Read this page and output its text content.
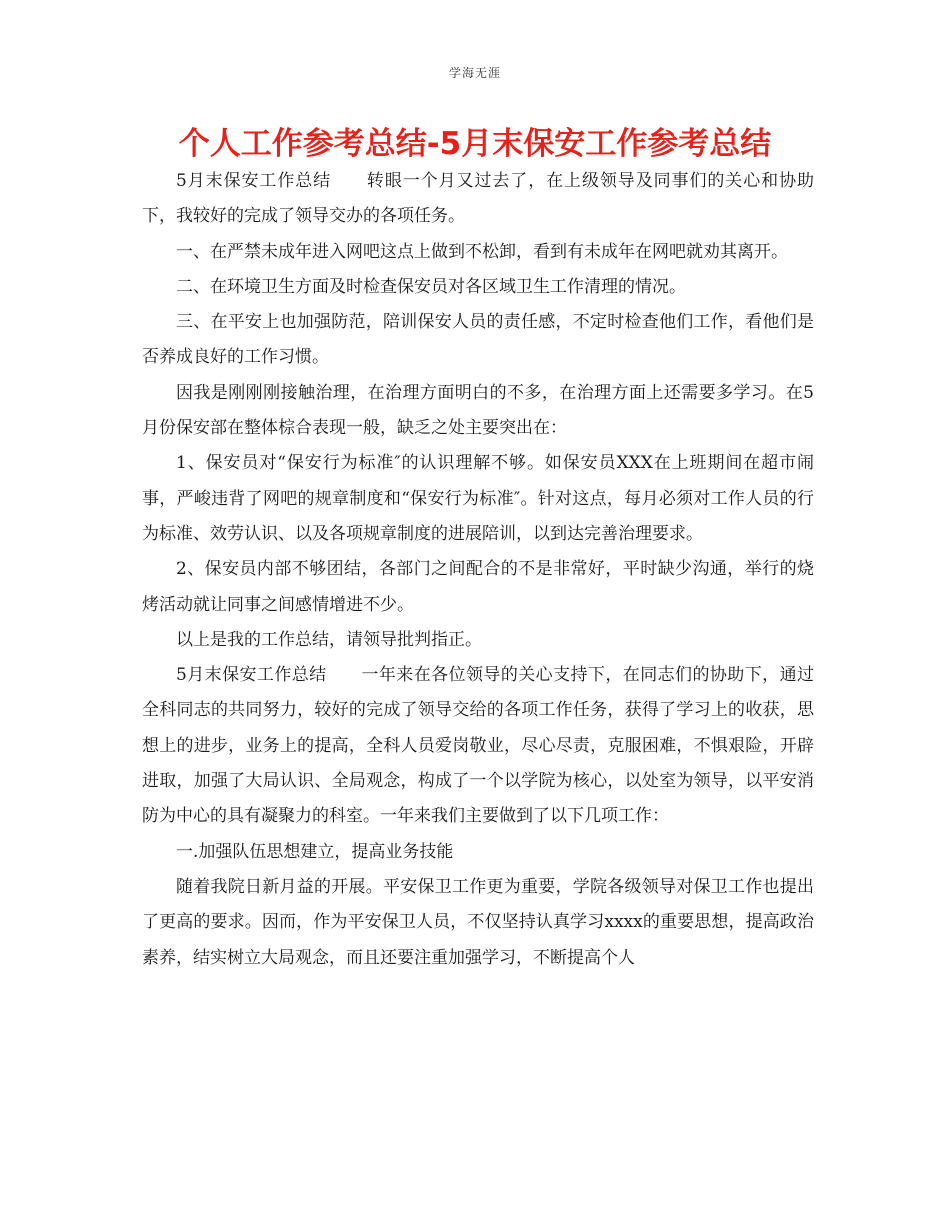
学海无涯
个人工作参考总结-5月末保安工作参考总结

5月末保安工作总结　　转眼一个月又过去了，在上级领导及同事们的关心和协助下，我较好的完成了领导交办的各项任务。

一、在严禁未成年进入网吧这点上做到不松卸，看到有未成年在网吧就劝其离开。

二、在环境卫生方面及时检查保安员对各区域卫生工作清理的情况。

三、在平安上也加强防范，陪训保安人员的责任感，不定时检查他们工作，看他们是否养成良好的工作习惯。

因我是刚刚刚接触治理，在治理方面明白的不多，在治理方面上还需要多学习。在5月份保安部在整体棕合表现一般，缺乏之处主要突出在：

1、保安员对“保安行为标准″的认识理解不够。如保安员XXX在上班期间在超市闹事，严峻违背了网吧的规章制度和“保安行为标准″。针对这点，每月必须对工作人员的行为标准、效劳认识、以及各项规章制度的进展陪训，以到达完善治理要求。

2、保安员内部不够团结，各部门之间配合的不是非常好，平时缺少沟通，举行的烧烤活动就让同事之间感情增进不少。

以上是我的工作总结，请领导批判指正。

5月末保安工作总结　　一年来在各位领导的关心支持下，在同志们的协助下，通过全科同志的共同努力，较好的完成了领导交给的各项工作任务，获得了学习上的收获，思想上的进步，业务上的提高，全科人员爱岗敬业，尽心尽责，克服困难，不惧艰险，开辟进取，加强了大局认识、全局观念，构成了一个以学院为核心，以处室为领导，以平安消防为中心的具有凝聚力的科室。一年来我们主要做到了以下几项工作：

一.加强队伍思想建立，提高业务技能

随着我院日新月益的开展。平安保卫工作更为重要，学院各级领导对保卫工作也提出了更高的要求。因而，作为平安保卫人员，不仅坚持认真学习xxxx的重要思想，提高政治素养，结实树立大局观念，而且还要注重加强学习，不断提高个人
